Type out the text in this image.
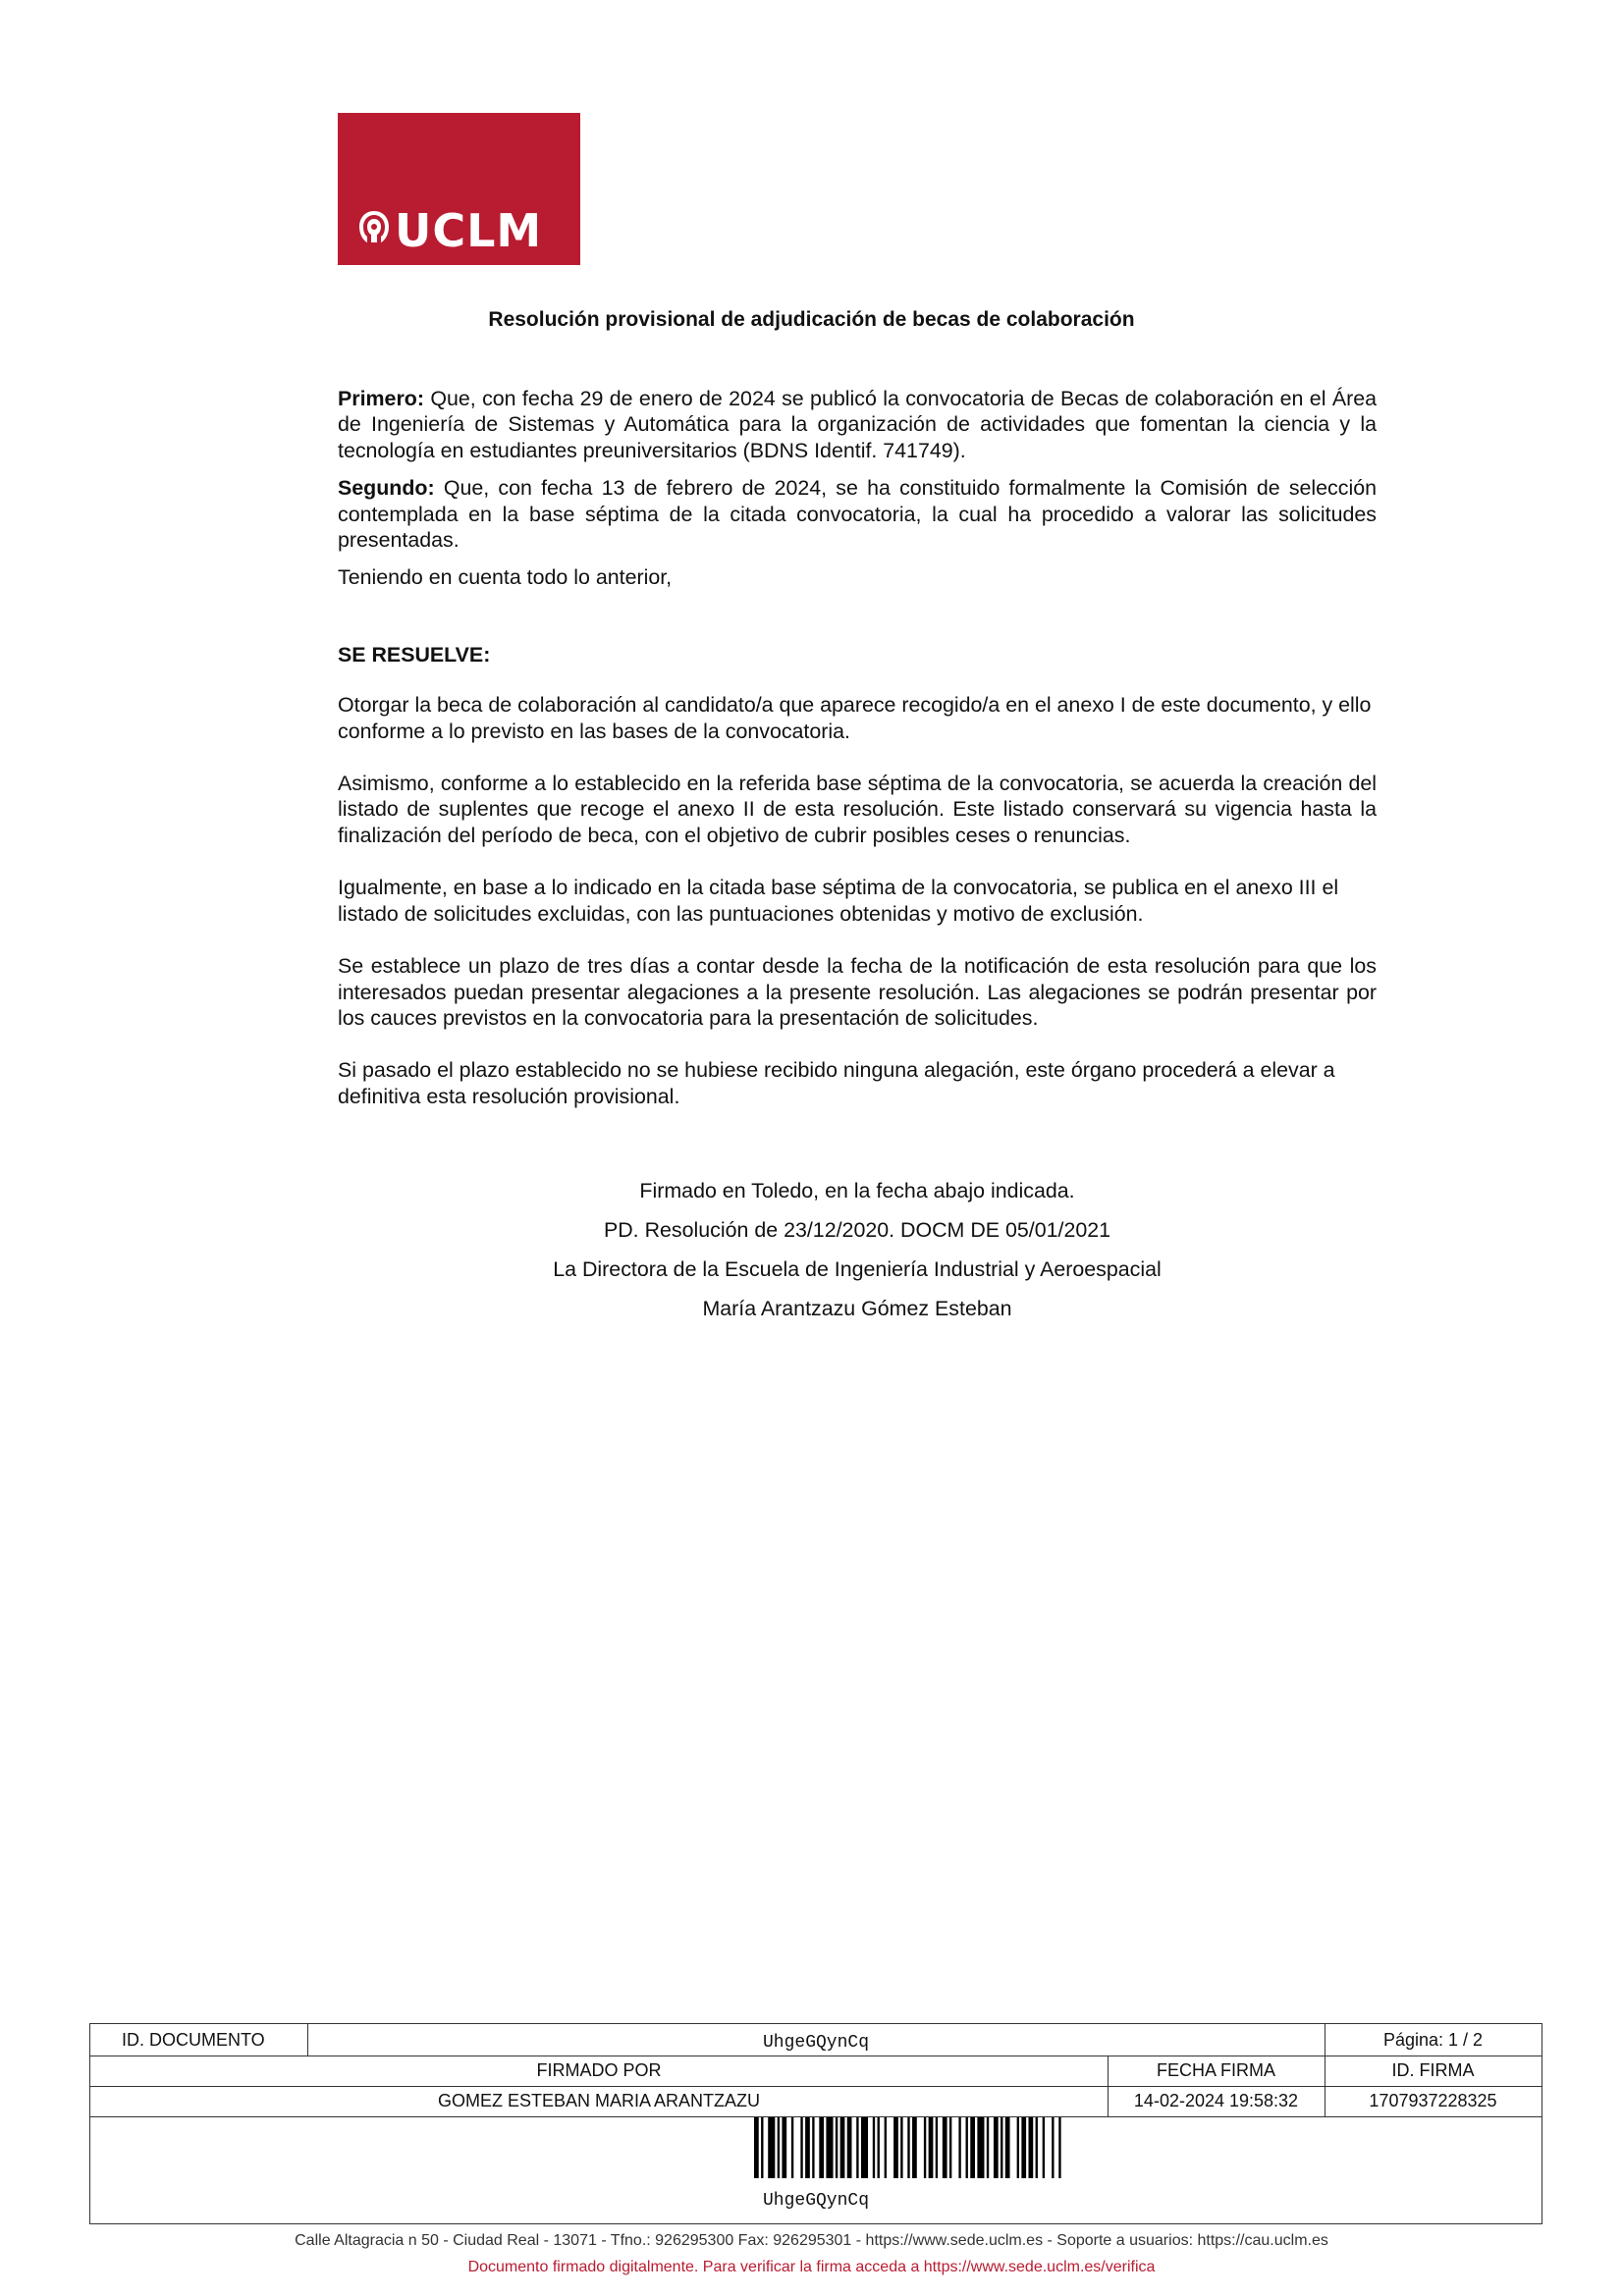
UCLM
Resolución provisional de adjudicación de becas de colaboración

Primero: Que, con fecha 29 de enero de 2024 se publicó la convocatoria de Becas de colaboración en el Área de Ingeniería de Sistemas y Automática para la organización de actividades que fomentan la ciencia y la tecnología en estudiantes preuniversitarios (BDNS Identif. 741749).

Segundo: Que, con fecha 13 de febrero de 2024, se ha constituido formalmente la Comisión de selección contemplada en la base séptima de la citada convocatoria, la cual ha procedido a valorar las solicitudes presentadas.

Teniendo en cuenta todo lo anterior,

SE RESUELVE:

Otorgar la beca de colaboración al candidato/a que aparece recogido/a en el anexo I de este documento, y ello conforme a lo previsto en las bases de la convocatoria.

Asimismo, conforme a lo establecido en la referida base séptima de la convocatoria, se acuerda la creación del listado de suplentes que recoge el anexo II de esta resolución. Este listado conservará su vigencia hasta la finalización del período de beca, con el objetivo de cubrir posibles ceses o renuncias.

Igualmente, en base a lo indicado en la citada base séptima de la convocatoria, se publica en el anexo III el listado de solicitudes excluidas, con las puntuaciones obtenidas y motivo de exclusión.

Se establece un plazo de tres días a contar desde la fecha de la notificación de esta resolución para que los interesados puedan presentar alegaciones a la presente resolución. Las alegaciones se podrán presentar por los cauces previstos en la convocatoria para la presentación de solicitudes.

Si pasado el plazo establecido no se hubiese recibido ninguna alegación, este órgano procederá a elevar a definitiva esta resolución provisional.

Firmado en Toledo, en la fecha abajo indicada.
PD. Resolución de 23/12/2020. DOCM DE 05/01/2021
La Directora de la Escuela de Ingeniería Industrial y Aeroespacial
María Arantzazu Gómez Esteban
ID. DOCUMENTO	UhgeGQynCq	Página: 1 / 2
FIRMADO POR	FECHA FIRMA	ID. FIRMA
GOMEZ ESTEBAN MARIA ARANTZAZU	14-02-2024 19:58:32	1707937228325
UhgeGQynCq
Calle Altagracia n 50 - Ciudad Real - 13071 - Tfno.: 926295300 Fax: 926295301 - https://www.sede.uclm.es - Soporte a usuarios: https://cau.uclm.es
Documento firmado digitalmente. Para verificar la firma acceda a https://www.sede.uclm.es/verifica
